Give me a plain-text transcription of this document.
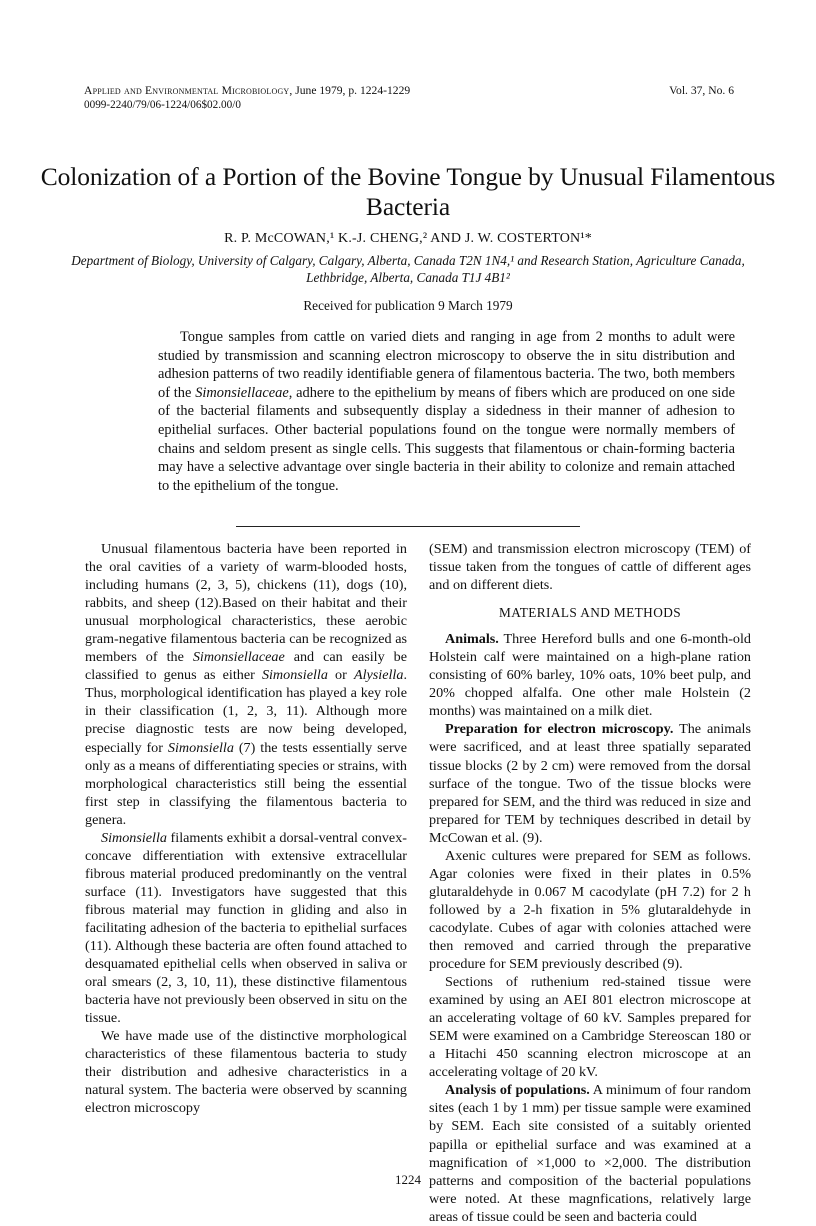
Applied and Environmental Microbiology, June 1979, p. 1224-1229	Vol. 37, No. 6
0099-2240/79/06-1224/06$02.00/0
Colonization of a Portion of the Bovine Tongue by Unusual Filamentous Bacteria
R. P. McCOWAN,¹ K.-J. CHENG,² AND J. W. COSTERTON¹*
Department of Biology, University of Calgary, Calgary, Alberta, Canada T2N 1N4,¹ and Research Station, Agriculture Canada, Lethbridge, Alberta, Canada T1J 4B1²
Received for publication 9 March 1979
Tongue samples from cattle on varied diets and ranging in age from 2 months to adult were studied by transmission and scanning electron microscopy to observe the in situ distribution and adhesion patterns of two readily identifiable genera of filamentous bacteria. The two, both members of the Simonsiellaceae, adhere to the epithelium by means of fibers which are produced on one side of the bacterial filaments and subsequently display a sidedness in their manner of adhesion to epithelial surfaces. Other bacterial populations found on the tongue were normally members of chains and seldom present as single cells. This suggests that filamentous or chain-forming bacteria may have a selective advantage over single bacteria in their ability to colonize and remain attached to the epithelium of the tongue.

Unusual filamentous bacteria have been reported in the oral cavities of a variety of warm-blooded hosts, including humans (2, 3, 5), chickens (11), dogs (10), rabbits, and sheep (12).Based on their habitat and their unusual morphological characteristics, these aerobic gram-negative filamentous bacteria can be recognized as members of the Simonsiellaceae and can easily be classified to genus as either Simonsiella or Alysiella. Thus, morphological identification has played a key role in their classification (1, 2, 3, 11). Although more precise diagnostic tests are now being developed, especially for Simonsiella (7) the tests essentially serve only as a means of differentiating species or strains, with morphological characteristics still being the essential first step in classifying the filamentous bacteria to genera.

Simonsiella filaments exhibit a dorsal-ventral convex-concave differentiation with extensive extracellular fibrous material produced predominantly on the ventral surface (11). Investigators have suggested that this fibrous material may function in gliding and also in facilitating adhesion of the bacteria to epithelial surfaces (11). Although these bacteria are often found attached to desquamated epithelial cells when observed in saliva or oral smears (2, 3, 10, 11), these distinctive filamentous bacteria have not previously been observed in situ on the tissue.

We have made use of the distinctive morphological characteristics of these filamentous bacteria to study their distribution and adhesive characteristics in a natural system. The bacteria were observed by scanning electron microscopy

(SEM) and transmission electron microscopy (TEM) of tissue taken from the tongues of cattle of different ages and on different diets.

MATERIALS AND METHODS

Animals. Three Hereford bulls and one 6-month-old Holstein calf were maintained on a high-plane ration consisting of 60% barley, 10% oats, 10% beet pulp, and 20% chopped alfalfa. One other male Holstein (2 months) was maintained on a milk diet.

Preparation for electron microscopy. The animals were sacrificed, and at least three spatially separated tissue blocks (2 by 2 cm) were removed from the dorsal surface of the tongue. Two of the tissue blocks were prepared for SEM, and the third was reduced in size and prepared for TEM by techniques described in detail by McCowan et al. (9).

Axenic cultures were prepared for SEM as follows. Agar colonies were fixed in their plates in 0.5% glutaraldehyde in 0.067 M cacodylate (pH 7.2) for 2 h followed by a 2-h fixation in 5% glutaraldehyde in cacodylate. Cubes of agar with colonies attached were then removed and carried through the preparative procedure for SEM previously described (9).

Sections of ruthenium red-stained tissue were examined by using an AEI 801 electron microscope at an accelerating voltage of 60 kV. Samples prepared for SEM were examined on a Cambridge Stereoscan 180 or a Hitachi 450 scanning electron microscope at an accelerating voltage of 20 kV.

Analysis of populations. A minimum of four random sites (each 1 by 1 mm) per tissue sample were examined by SEM. Each site consisted of a suitably oriented papilla or epithelial surface and was examined at a magnification of ×1,000 to ×2,000. The distribution patterns and composition of the bacterial populations were noted. At these magnfications, relatively large areas of tissue could be seen and bacteria could

1224
